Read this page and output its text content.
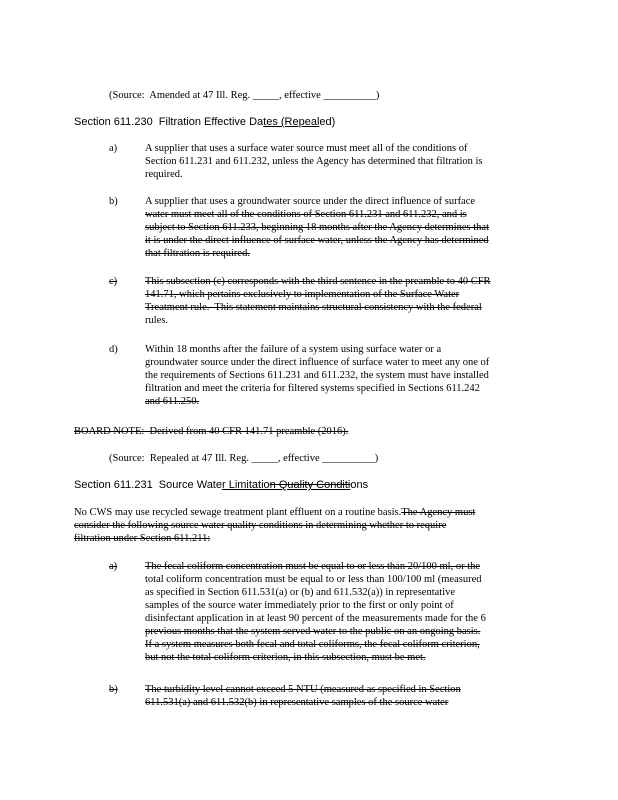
(Source:  Amended at 47 Ill. Reg. _____, effective __________)
Section 611.230  Filtration Effective Dates (Repealed)
a)	A supplier that uses a surface water source must meet all of the conditions of
Section 611.231 and 611.232, unless the Agency has determined that filtration is
required.
b)	A supplier that uses a groundwater source under the direct influence of surface
water must meet all of the conditions of Section 611.231 and 611.232, and is
subject to Section 611.233, beginning 18 months after the Agency determines that
it is under the direct influence of surface water, unless the Agency has determined
that filtration is required.
c)	This subsection (c) corresponds with the third sentence in the preamble to 40 CFR
141.71, which pertains exclusively to implementation of the Surface Water
Treatment rule.  This statement maintains structural consistency with the federal
rules.
d)	Within 18 months after the failure of a system using surface water or a
groundwater source under the direct influence of surface water to meet any one of
the requirements of Sections 611.231 and 611.232, the system must have installed
filtration and meet the criteria for filtered systems specified in Sections 611.242
and 611.250.
BOARD NOTE:  Derived from 40 CFR 141.71 preamble (2016).
(Source:  Repealed at 47 Ill. Reg. _____, effective __________)
Section 611.231  Source Water Limitation Quality Conditions
No CWS may use recycled sewage treatment plant effluent on a routine basis.The Agency must
consider the following source water quality conditions in determining whether to require
filtration under Section 611.211:
a)	The fecal coliform concentration must be equal to or less than 20/100 ml, or the
total coliform concentration must be equal to or less than 100/100 ml (measured
as specified in Section 611.531(a) or (b) and 611.532(a)) in representative
samples of the source water immediately prior to the first or only point of
disinfectant application in at least 90 percent of the measurements made for the 6
previous months that the system served water to the public on an ongoing basis.
If a system measures both fecal and total coliforms, the fecal coliform criterion,
but not the total coliform criterion, in this subsection, must be met.
b)	The turbidity level cannot exceed 5 NTU (measured as specified in Section
611.531(a) and 611.532(b) in representative samples of the source water
